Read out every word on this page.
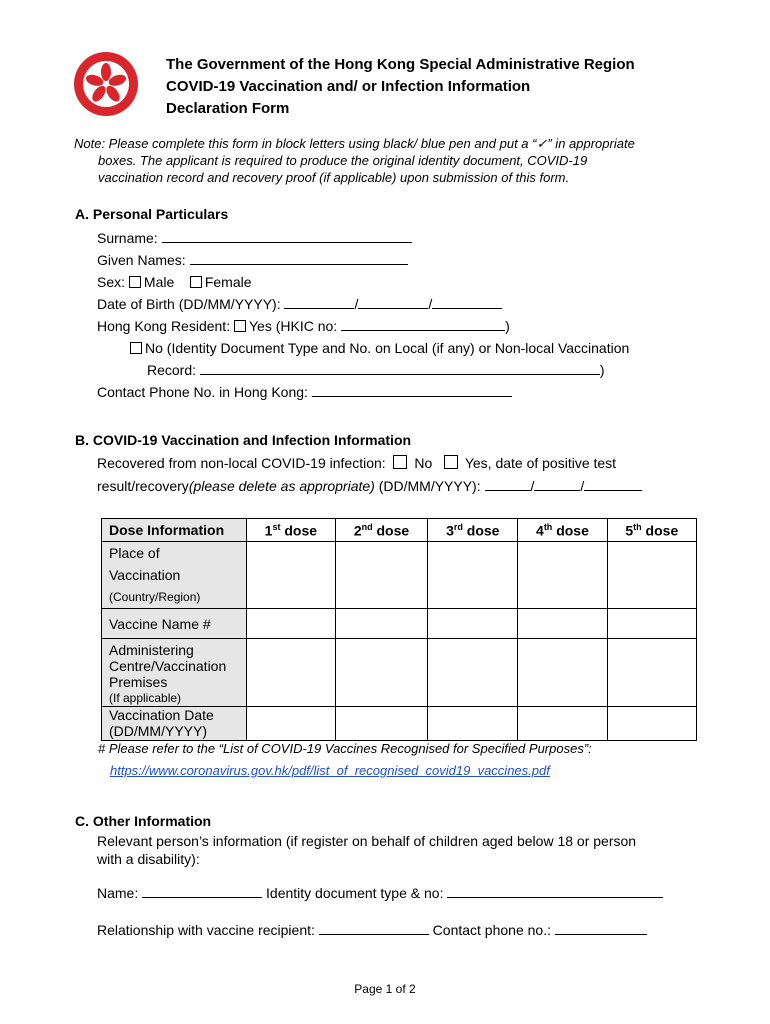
The Government of the Hong Kong Special Administrative Region
COVID-19 Vaccination and/ or Infection Information
Declaration Form
Note: Please complete this form in block letters using black/ blue pen and put a “✓” in appropriate
boxes. The applicant is required to produce the original identity document, COVID-19
vaccination record and recovery proof (if applicable) upon submission of this form.
A. Personal Particulars
Surname:
Given Names:
Sex: Male Female
Date of Birth (DD/MM/YYYY):	/	/
Hong Kong Resident: Yes (HKIC no:	)
No (Identity Document Type and No. on Local (if any) or Non-local Vaccination
Record:	)
Contact Phone No. in Hong Kong:
B. COVID-19 Vaccination and Infection Information
Recovered from non-local COVID-19 infection: No Yes, date of positive test
result/recovery(please delete as appropriate) (DD/MM/YYYY):	/	/
Dose Information	1st dose	2nd dose	3rd dose	4th dose	5th dose

Place of
Vaccination
(Country/Region)					

Vaccine Name #					

Administering
Centre/Vaccination
Premises
(If applicable)					

Vaccination Date
(DD/MM/YYYY)					

# Please refer to the “List of COVID-19 Vaccines Recognised for Specified Purposes”:
https://www.coronavirus.gov.hk/pdf/list_of_recognised_covid19_vaccines.pdf
C. Other Information
Relevant person’s information (if register on behalf of children aged below 18 or person
with a disability):
Name:	Identity document type & no:
Relationship with vaccine recipient:	Contact phone no.:
Page 1 of 2
